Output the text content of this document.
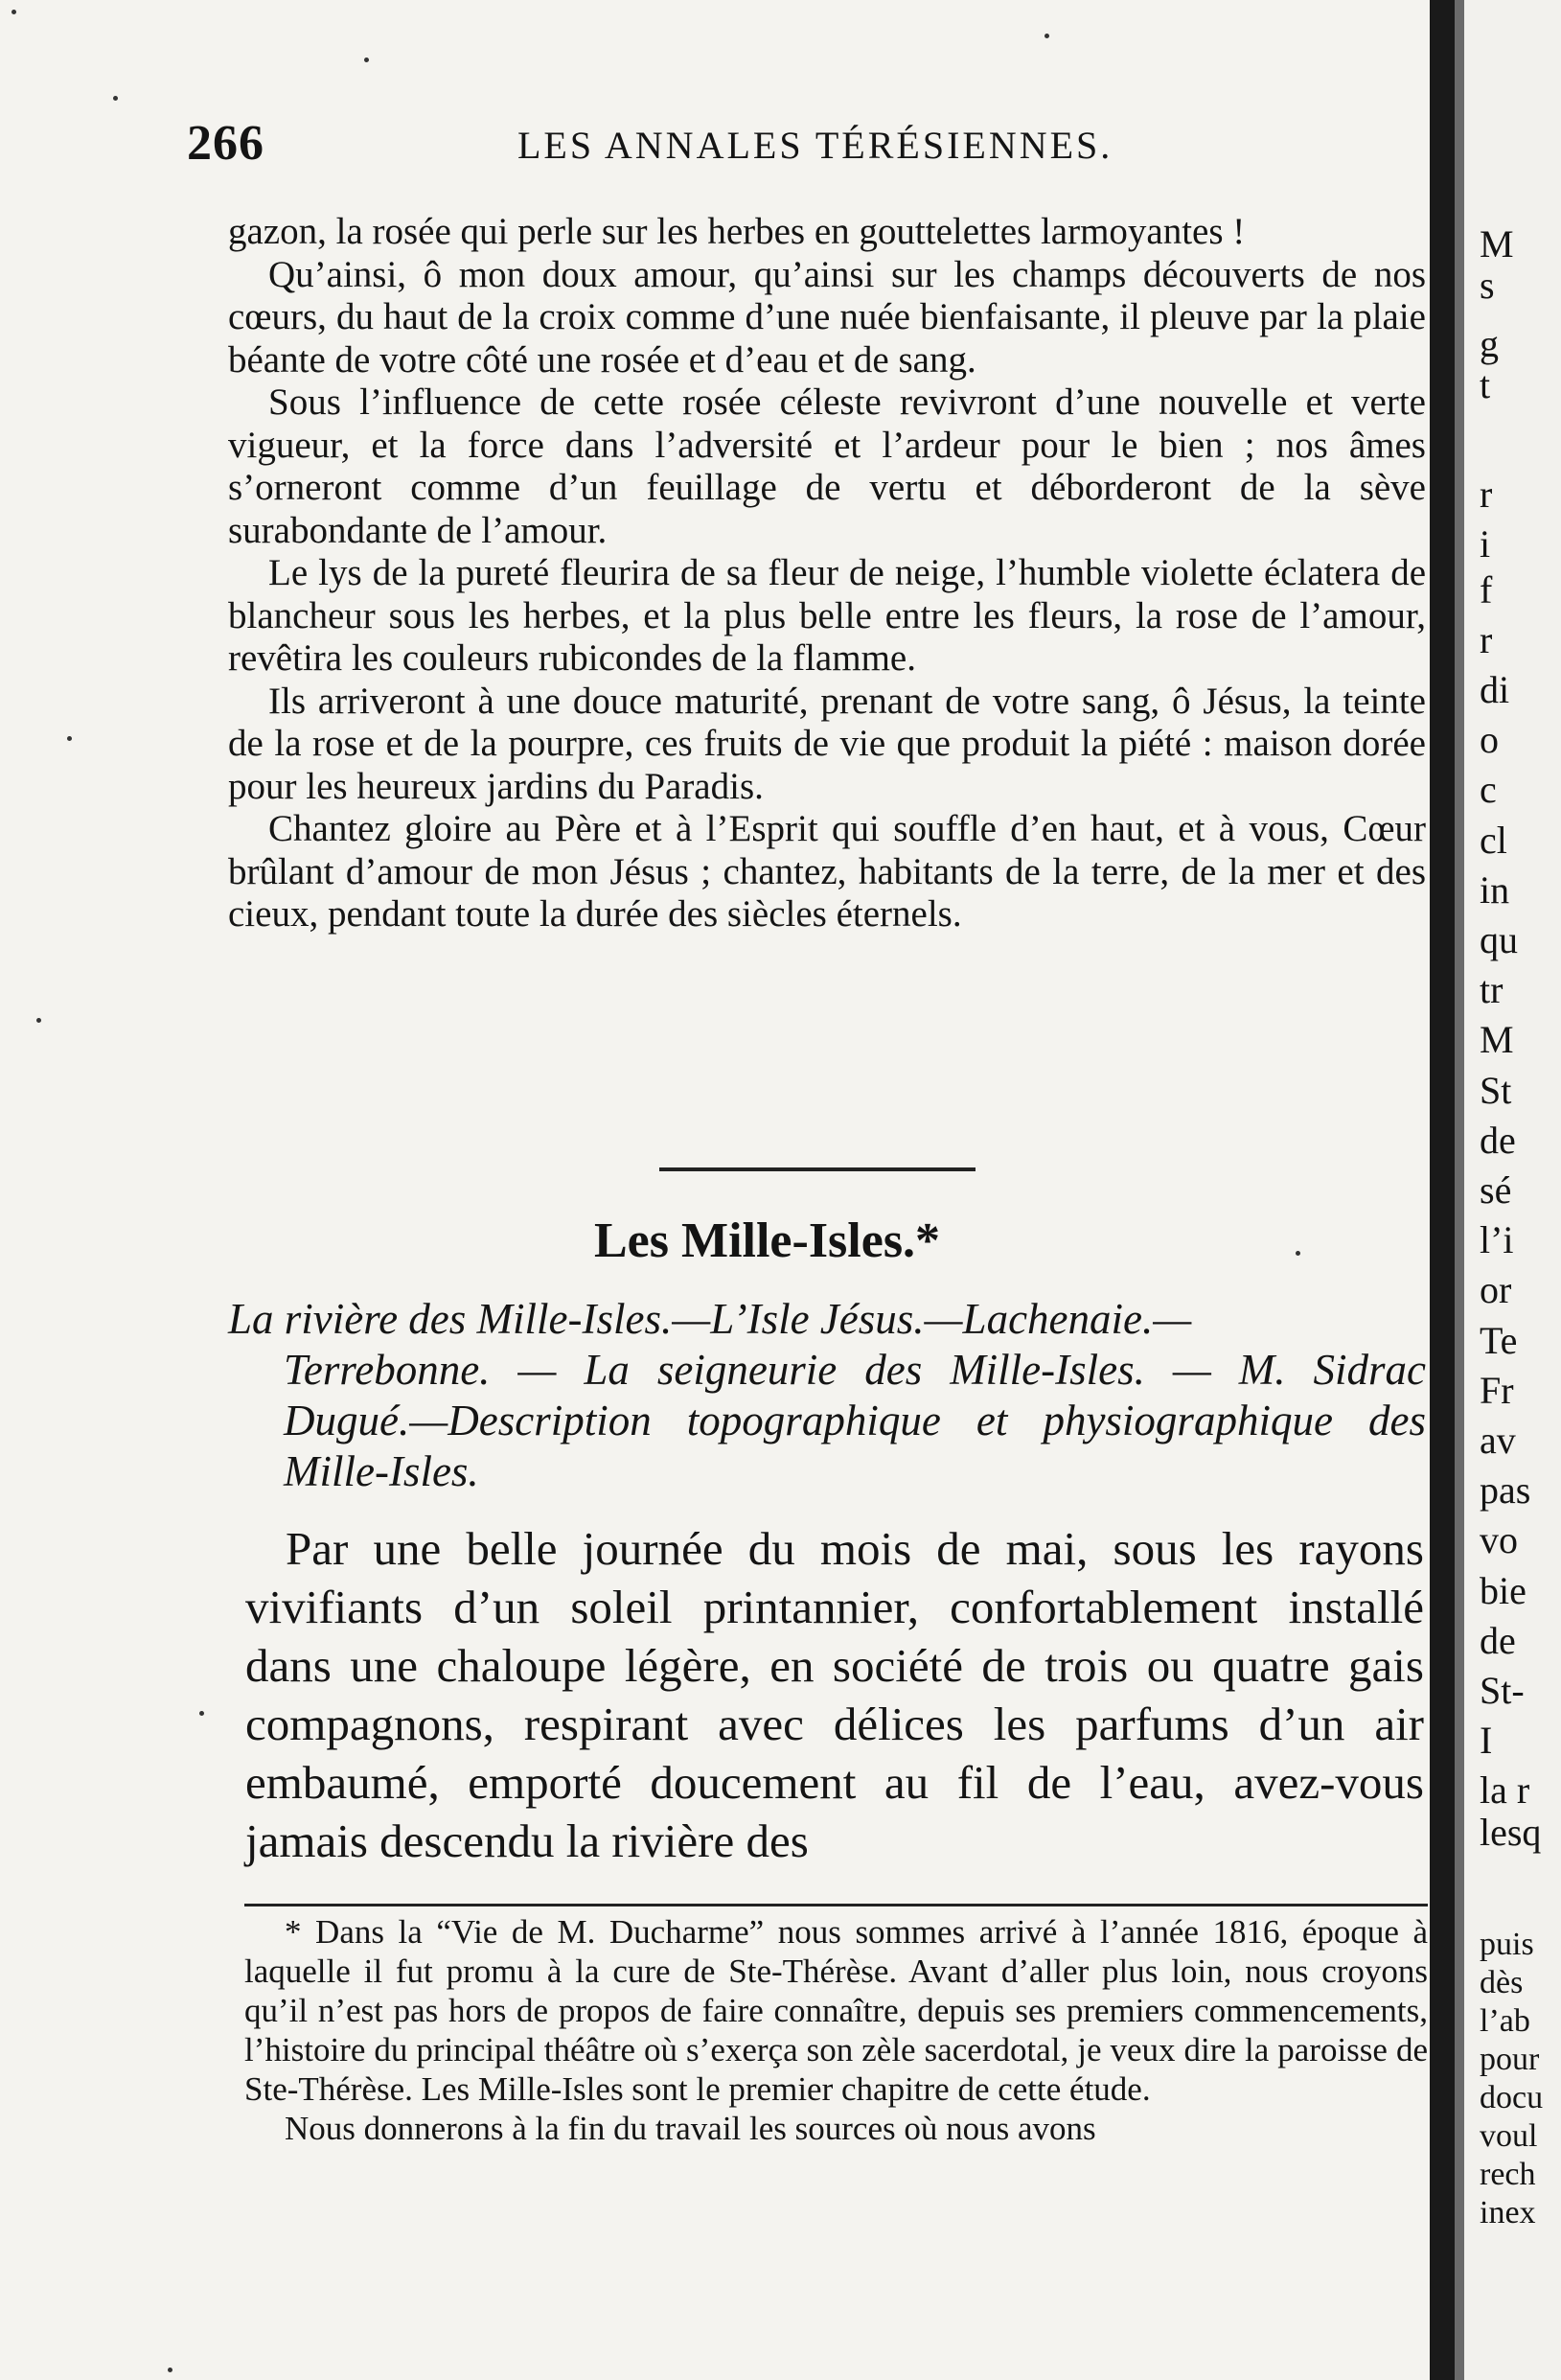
266	LES ANNALES TÉRÉSIENNES.

gazon, la rosée qui perle sur les herbes en gouttelettes larmoyantes !

Qu’ainsi, ô mon doux amour, qu’ainsi sur les champs découverts de nos cœurs, du haut de la croix comme d’une nuée bienfaisante, il pleuve par la plaie béante de votre côté une rosée et d’eau et de sang.

Sous l’influence de cette rosée céleste revivront d’une nouvelle et verte vigueur, et la force dans l’adversité et l’ardeur pour le bien ; nos âmes s’orneront comme d’un feuillage de vertu et déborderont de la sève surabondante de l’amour.

Le lys de la pureté fleurira de sa fleur de neige, l’humble violette éclatera de blancheur sous les herbes, et la plus belle entre les fleurs, la rose de l’amour, revêtira les couleurs rubicondes de la flamme.

Ils arriveront à une douce maturité, prenant de votre sang, ô Jésus, la teinte de la rose et de la pourpre, ces fruits de vie que produit la piété : maison dorée pour les heureux jardins du Paradis.

Chantez gloire au Père et à l’Esprit qui souffle d’en haut, et à vous, Cœur brûlant d’amour de mon Jésus ; chantez, habitants de la terre, de la mer et des cieux, pendant toute la durée des siècles éternels.

Les Mille-Isles.*

La rivière des Mille-Isles.—L’Isle Jésus.—Lachenaie.—
Terrebonne. — La seigneurie des Mille-Isles. — M. Sidrac Dugué.—Description topographique et physiographique des Mille-Isles.

Par une belle journée du mois de mai, sous les rayons vivifiants d’un soleil printannier, confortablement installé dans une chaloupe légère, en société de trois ou quatre gais compagnons, respirant avec délices les parfums d’un air embaumé, emporté doucement au fil de l’eau, avez-vous jamais descendu la rivière des

* Dans la “Vie de M. Ducharme” nous sommes arrivé à l’année 1816, époque à laquelle il fut promu à la cure de Ste-Thérèse. Avant d’aller plus loin, nous croyons qu’il n’est pas hors de propos de faire connaître, depuis ses premiers commencements, l’histoire du principal théâtre où s’exerça son zèle sacerdotal, je veux dire la paroisse de Ste-Thérèse. Les Mille-Isles sont le premier chapitre de cette étude.

Nous donnerons à la fin du travail les sources où nous avons

M
s
g
t
r
i
f
r
di
o
c
cl
in
qu
tr
M
St
de
sé
l’i
or
Te
Fr
av
pas
vo
bie
de
St-
I
la r
lesq
puis
dès
l’ab
pour
docu
voul
rech
inex
